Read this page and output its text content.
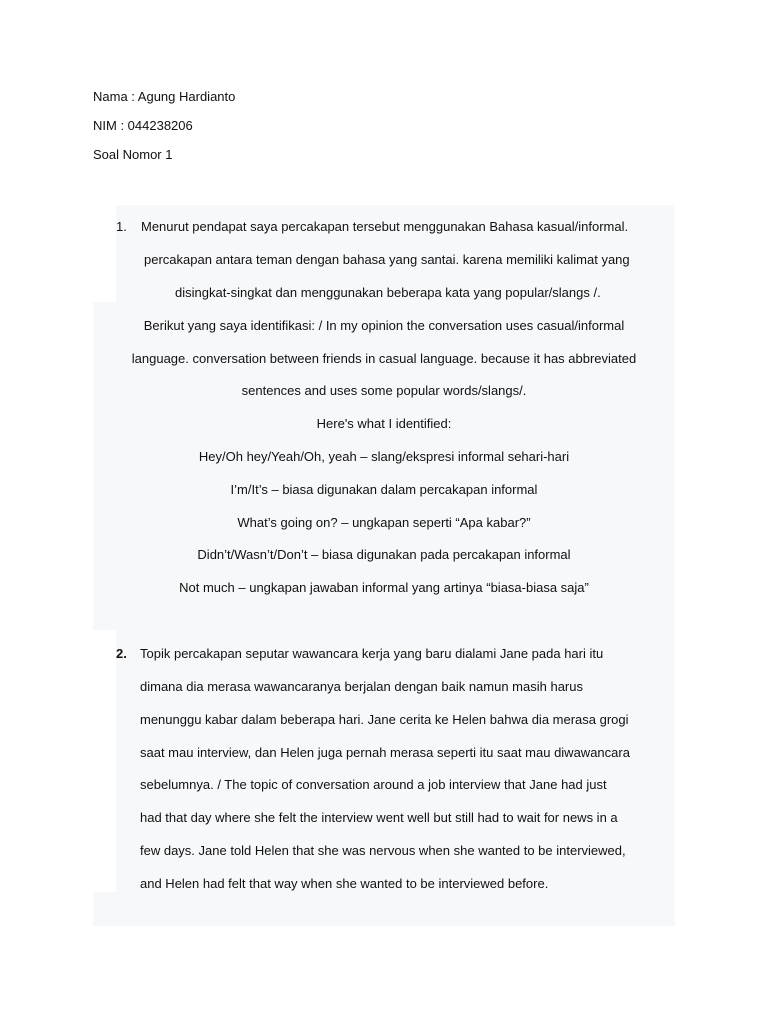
Nama : Agung Hardianto
NIM : 044238206
Soal Nomor 1
1. Menurut pendapat saya percakapan tersebut menggunakan Bahasa kasual/informal.
percakapan antara teman dengan bahasa yang santai. karena memiliki kalimat yang
disingkat-singkat dan menggunakan beberapa kata yang popular/slangs /.
Berikut yang saya identifikasi: / In my opinion the conversation uses casual/informal
language. conversation between friends in casual language. because it has abbreviated
sentences and uses some popular words/slangs/.
Here's what I identified:
Hey/Oh hey/Yeah/Oh, yeah – slang/ekspresi informal sehari-hari
I’m/It’s – biasa digunakan dalam percakapan informal
What’s going on? – ungkapan seperti “Apa kabar?”
Didn’t/Wasn’t/Don’t – biasa digunakan pada percakapan informal
Not much – ungkapan jawaban informal yang artinya “biasa-biasa saja”
2. Topik percakapan seputar wawancara kerja yang baru dialami Jane pada hari itu
dimana dia merasa wawancaranya berjalan dengan baik namun masih harus
menunggu kabar dalam beberapa hari. Jane cerita ke Helen bahwa dia merasa grogi
saat mau interview, dan Helen juga pernah merasa seperti itu saat mau diwawancara
sebelumnya. / The topic of conversation around a job interview that Jane had just
had that day where she felt the interview went well but still had to wait for news in a
few days. Jane told Helen that she was nervous when she wanted to be interviewed,
and Helen had felt that way when she wanted to be interviewed before.
